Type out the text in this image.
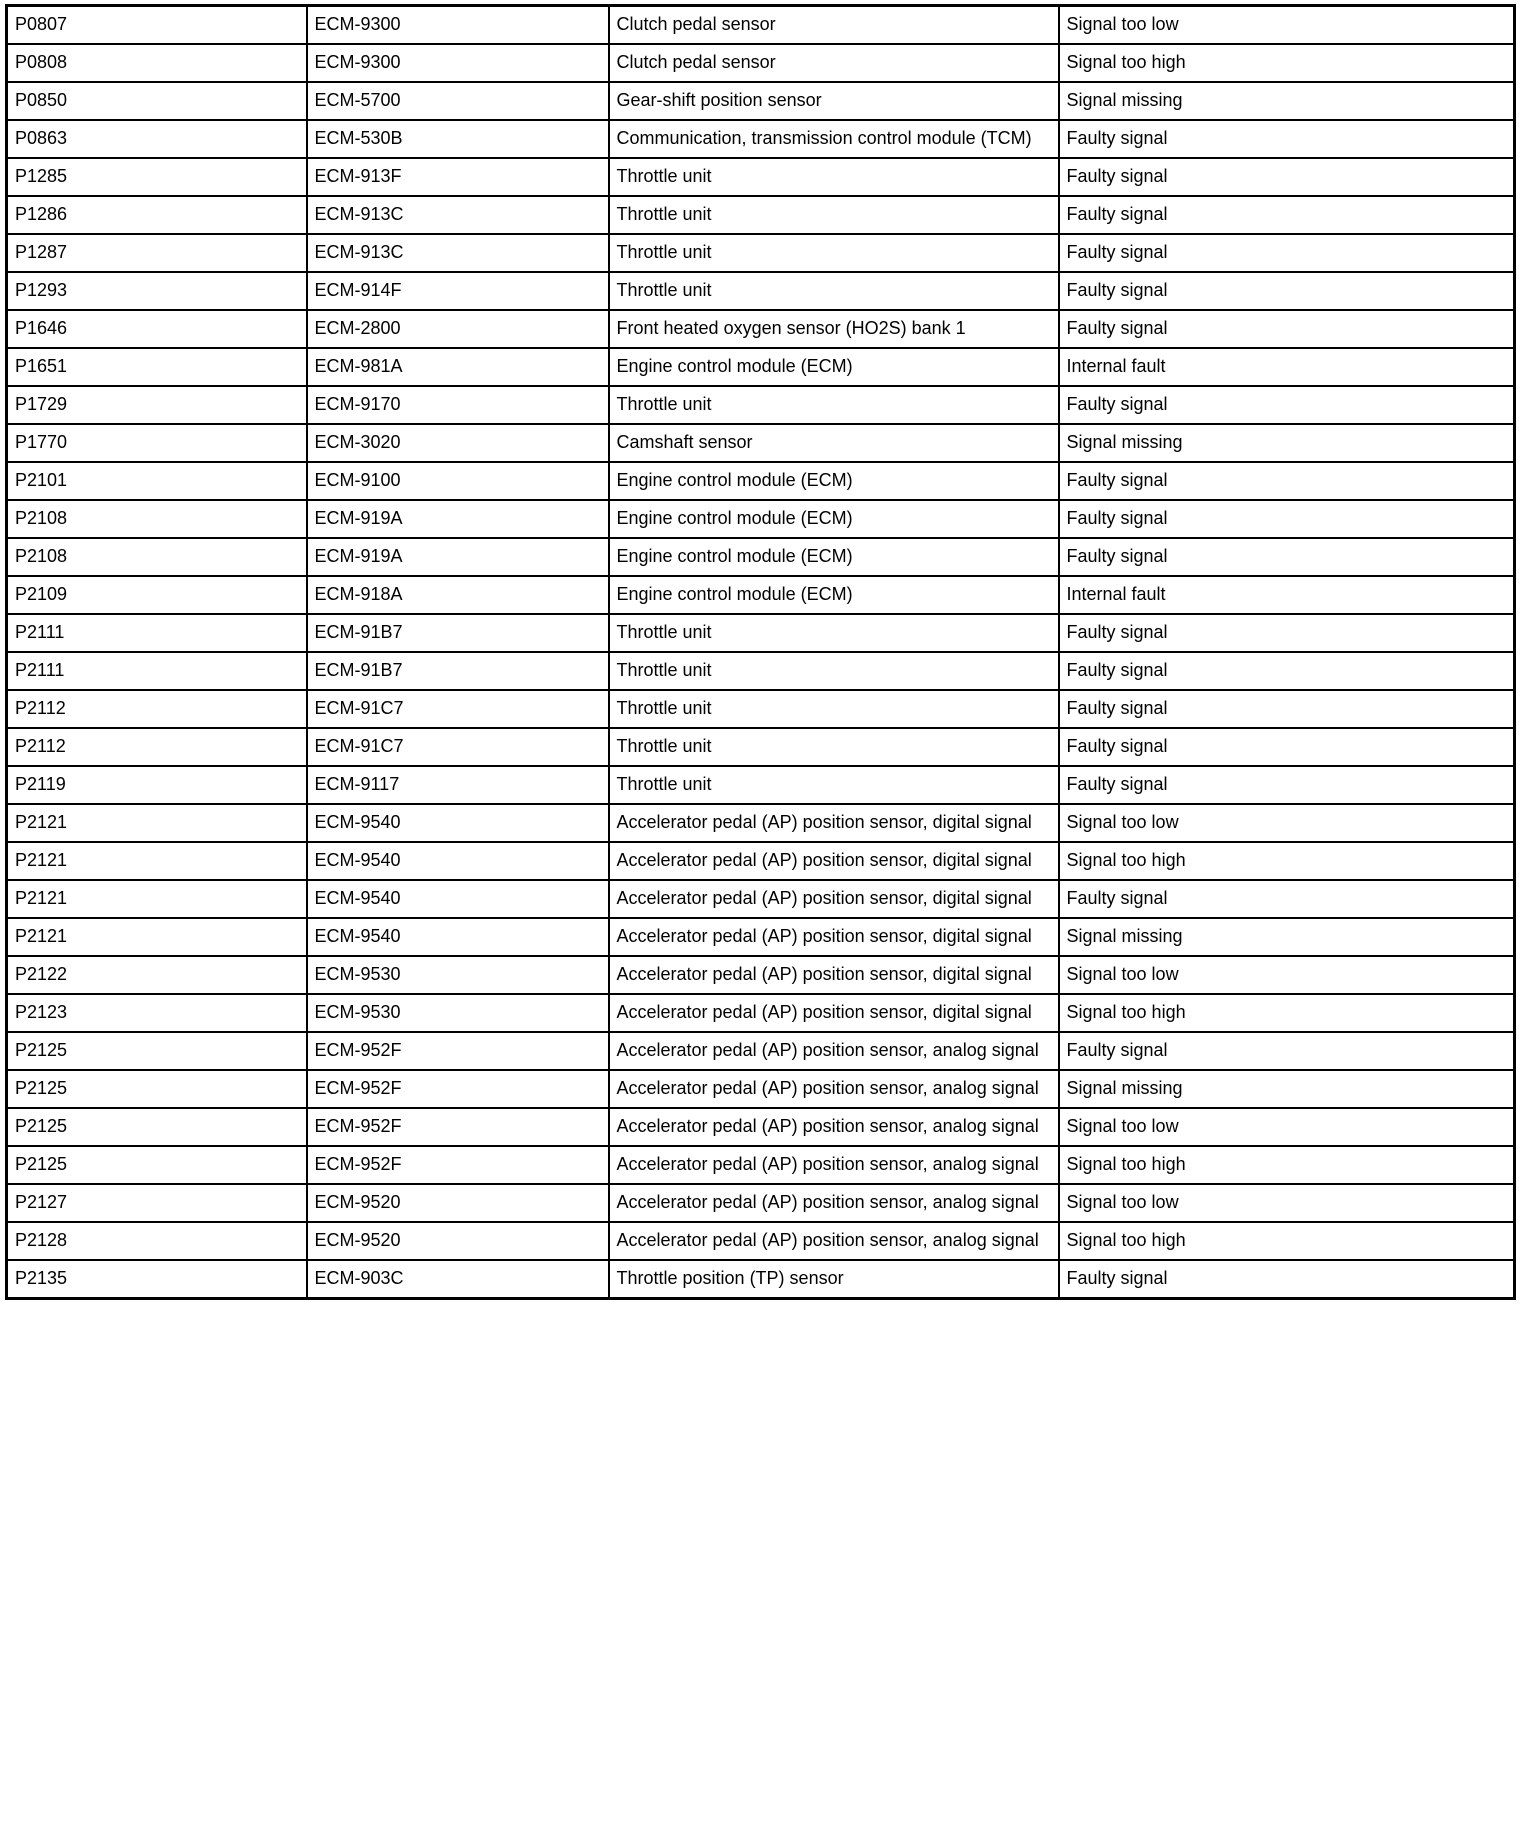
P0807	ECM-9300	Clutch pedal sensor	Signal too low
P0808	ECM-9300	Clutch pedal sensor	Signal too high
P0850	ECM-5700	Gear-shift position sensor	Signal missing
P0863	ECM-530B	Communication, transmission control module (TCM)	Faulty signal
P1285	ECM-913F	Throttle unit	Faulty signal
P1286	ECM-913C	Throttle unit	Faulty signal
P1287	ECM-913C	Throttle unit	Faulty signal
P1293	ECM-914F	Throttle unit	Faulty signal
P1646	ECM-2800	Front heated oxygen sensor (HO2S) bank 1	Faulty signal
P1651	ECM-981A	Engine control module (ECM)	Internal fault
P1729	ECM-9170	Throttle unit	Faulty signal
P1770	ECM-3020	Camshaft sensor	Signal missing
P2101	ECM-9100	Engine control module (ECM)	Faulty signal
P2108	ECM-919A	Engine control module (ECM)	Faulty signal
P2108	ECM-919A	Engine control module (ECM)	Faulty signal
P2109	ECM-918A	Engine control module (ECM)	Internal fault
P2111	ECM-91B7	Throttle unit	Faulty signal
P2111	ECM-91B7	Throttle unit	Faulty signal
P2112	ECM-91C7	Throttle unit	Faulty signal
P2112	ECM-91C7	Throttle unit	Faulty signal
P2119	ECM-9117	Throttle unit	Faulty signal
P2121	ECM-9540	Accelerator pedal (AP) position sensor, digital signal	Signal too low
P2121	ECM-9540	Accelerator pedal (AP) position sensor, digital signal	Signal too high
P2121	ECM-9540	Accelerator pedal (AP) position sensor, digital signal	Faulty signal
P2121	ECM-9540	Accelerator pedal (AP) position sensor, digital signal	Signal missing
P2122	ECM-9530	Accelerator pedal (AP) position sensor, digital signal	Signal too low
P2123	ECM-9530	Accelerator pedal (AP) position sensor, digital signal	Signal too high
P2125	ECM-952F	Accelerator pedal (AP) position sensor, analog signal	Faulty signal
P2125	ECM-952F	Accelerator pedal (AP) position sensor, analog signal	Signal missing
P2125	ECM-952F	Accelerator pedal (AP) position sensor, analog signal	Signal too low
P2125	ECM-952F	Accelerator pedal (AP) position sensor, analog signal	Signal too high
P2127	ECM-9520	Accelerator pedal (AP) position sensor, analog signal	Signal too low
P2128	ECM-9520	Accelerator pedal (AP) position sensor, analog signal	Signal too high
P2135	ECM-903C	Throttle position (TP) sensor	Faulty signal
